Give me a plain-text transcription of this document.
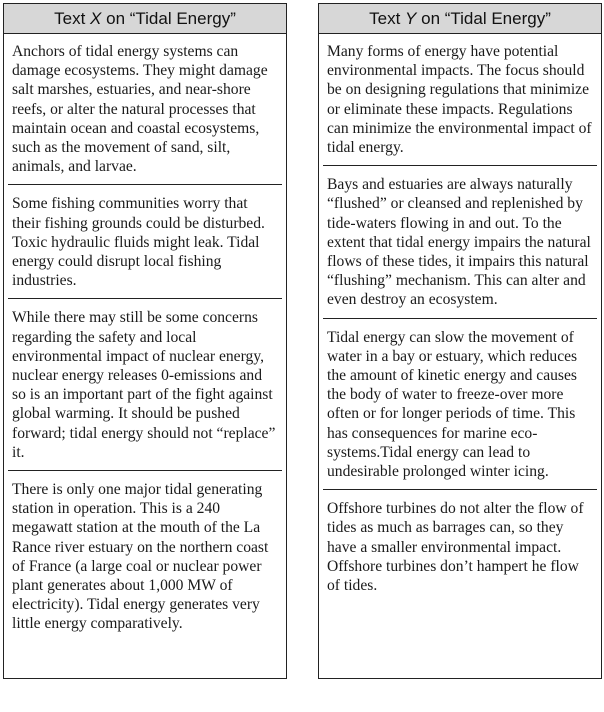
Text
X
on “Tidal Energy”

Anchors of tidal energy systems can damage ecosystems. They might damage salt marshes, estuaries, and near-shore reefs, or alter the natural processes that maintain ocean and coastal ecosystems, such as the movement of sand, silt, animals, and larvae.

Some fishing communities worry that their fishing grounds could be disturbed. Toxic hydraulic fluids might leak. Tidal energy could disrupt local fishing industries.

While there may still be some concerns regarding the safety and local environmental impact of nuclear energy, nuclear energy releases 0-emissions and so is an important part of the fight against global warming. It should be pushed forward; tidal energy should not “replace” it.

There is only one major tidal generating station in operation. This is a 240 megawatt station at the mouth of the La Rance river estuary on the northern coast of France (a large coal or nuclear power plant generates about 1,000 MW of electricity). Tidal energy generates very little energy comparatively.

Text
Y
on “Tidal Energy”

Many forms of energy have potential environmental impacts. The focus should be on designing regulations that minimize or eliminate these impacts. Regulations can minimize the environmental impact of tidal energy.

Bays and estuaries are always naturally “flushed” or cleansed and replenished by tide-waters flowing in and out. To the extent that tidal energy impairs the natural flows of these tides, it impairs this natural “flushing” mechanism. This can alter and even destroy an ecosystem.

Tidal energy can slow the movement of water in a bay or estuary, which reduces the amount of kinetic energy and causes the body of water to freeze-over more often or for longer periods of time. This has consequences for marine eco-systems.Tidal energy can lead to undesirable prolonged winter icing.

Offshore turbines do not alter the flow of tides as much as barrages can, so they have a smaller environmental impact. Offshore turbines don’t hampert he flow of tides.
